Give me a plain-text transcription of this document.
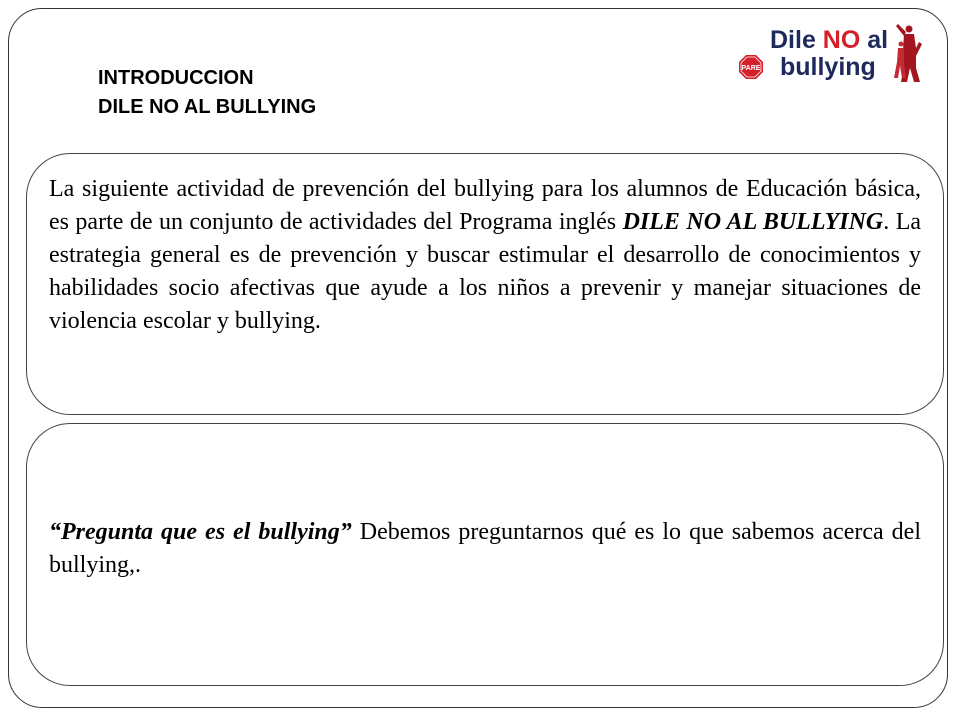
INTRODUCCION
DILE NO AL BULLYING
Dile NO al
bullying
PARE

La siguiente actividad de prevención del bullying para los alumnos de Educación básica, es parte de un conjunto de actividades del Programa inglés DILE NO AL BULLYING. La estrategia general es de prevención y buscar estimular el desarrollo de conocimientos y habilidades socio afectivas que ayude a los niños a prevenir y manejar situaciones de violencia escolar y bullying.

“Pregunta que es el bullying” Debemos preguntarnos qué es lo que sabemos acerca del bullying,.
